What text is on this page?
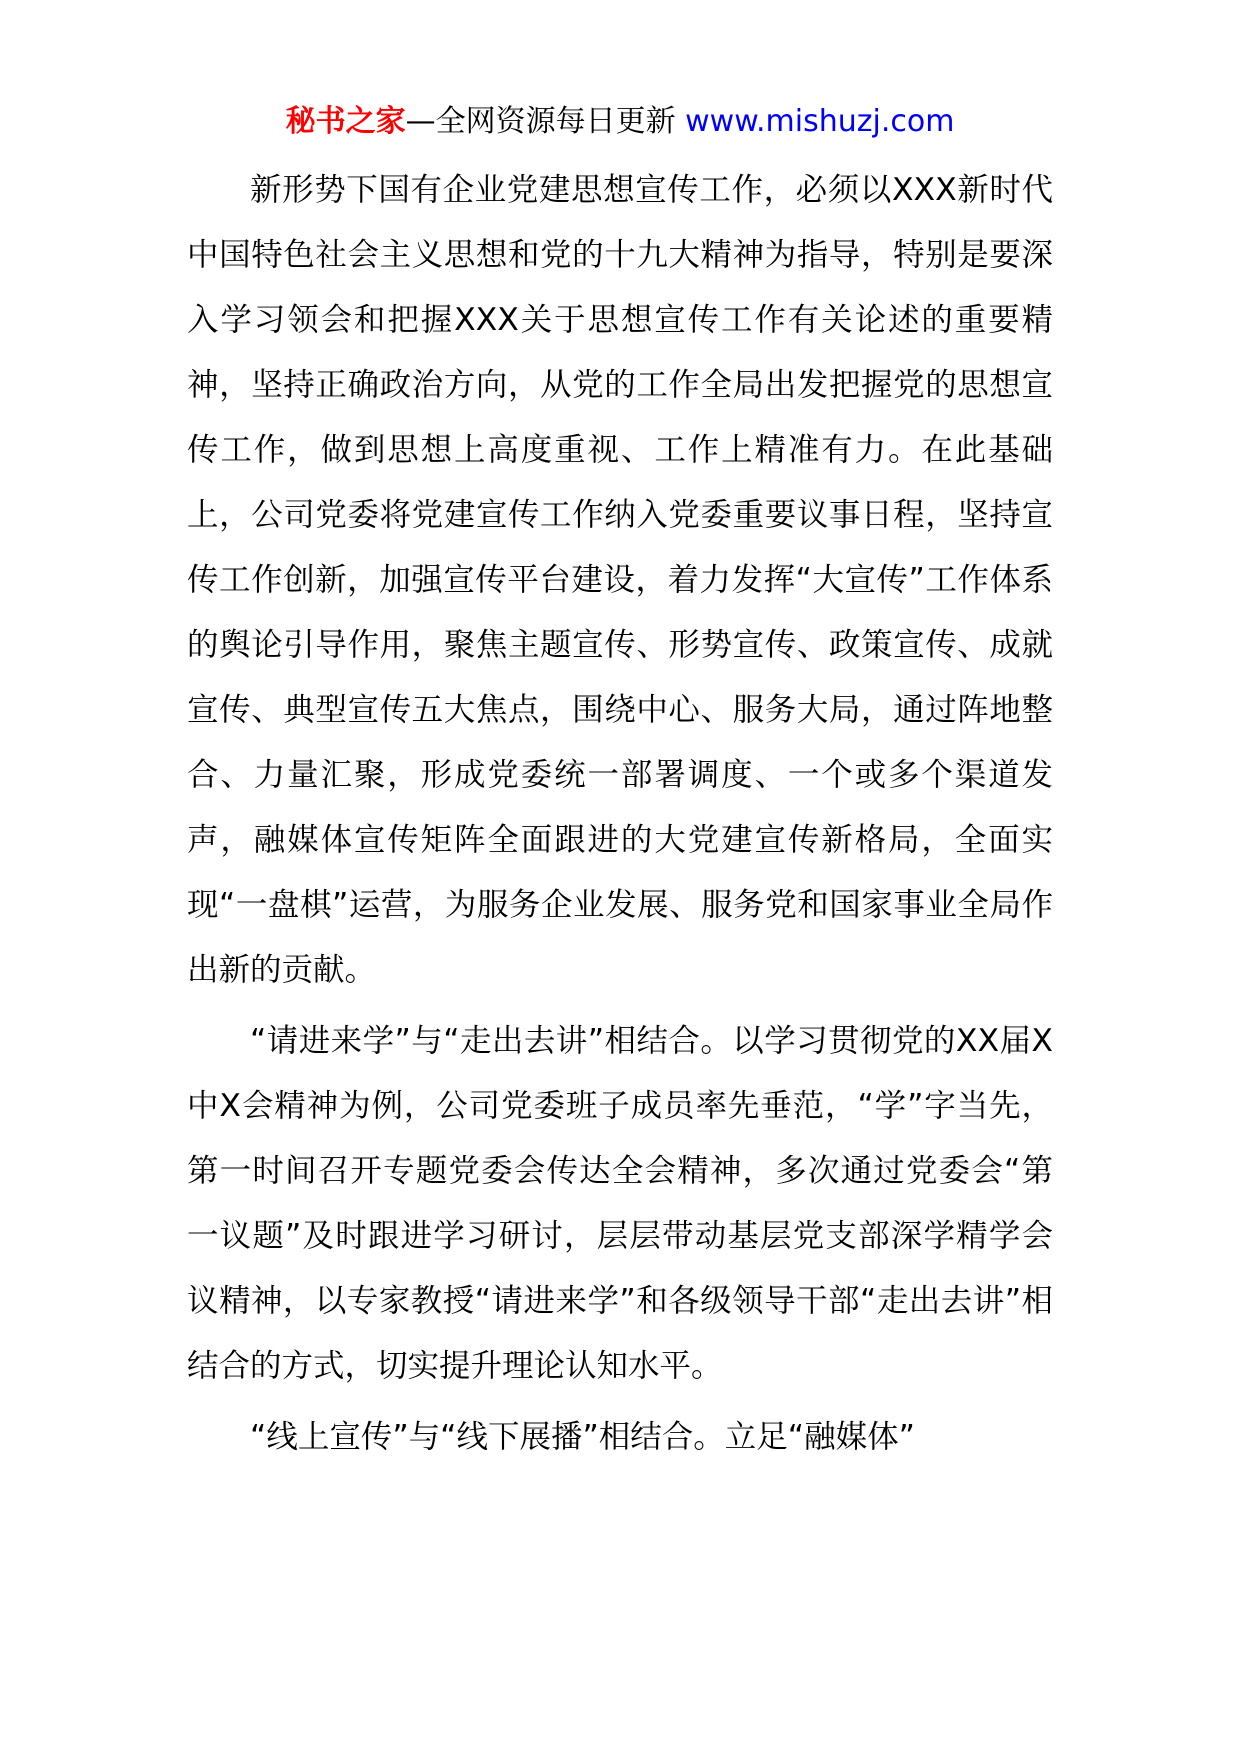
秘书之家—全网资源每日更新 www.mishuzj.com

新形势下国有企业党建思想宣传工作，必须以XXX新时代中国特色社会主义思想和党的十九大精神为指导，特别是要深入学习领会和把握XXX关于思想宣传工作有关论述的重要精神，坚持正确政治方向，从党的工作全局出发把握党的思想宣传工作，做到思想上高度重视、工作上精准有力。在此基础上，公司党委将党建宣传工作纳入党委重要议事日程，坚持宣传工作创新，加强宣传平台建设，着力发挥“大宣传”工作体系的舆论引导作用，聚焦主题宣传、形势宣传、政策宣传、成就宣传、典型宣传五大焦点，围绕中心、服务大局，通过阵地整合、力量汇聚，形成党委统一部署调度、一个或多个渠道发声，融媒体宣传矩阵全面跟进的大党建宣传新格局，全面实现“一盘棋”运营，为服务企业发展、服务党和国家事业全局作出新的贡献。

“请进来学”与“走出去讲”相结合。以学习贯彻党的XX届X中X会精神为例，公司党委班子成员率先垂范，“学”字当先，第一时间召开专题党委会传达全会精神，多次通过党委会“第一议题”及时跟进学习研讨，层层带动基层党支部深学精学会议精神，以专家教授“请进来学”和各级领导干部“走出去讲”相结合的方式，切实提升理论认知水平。

“线上宣传”与“线下展播”相结合。立足“融媒体”
